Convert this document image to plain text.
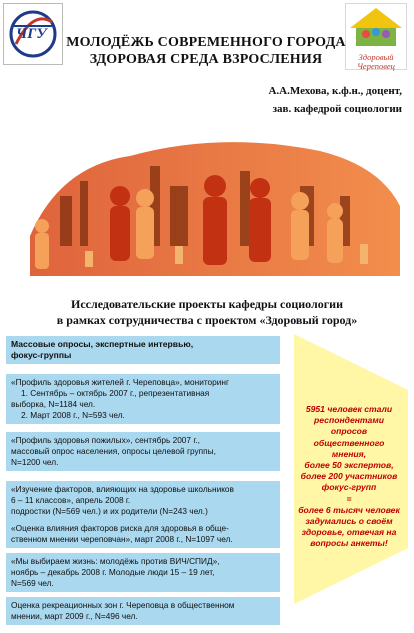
ЧГУ
Здоровый
Череповец
МОЛОДЁЖЬ СОВРЕМЕННОГО ГОРОДА
ЗДОРОВАЯ СРЕДА ВЗРОСЛЕНИЯ
А.А.Мехова, к.ф.н., доцент,
зав. кафедрой социологии
Исследовательские проекты кафедры социологии
в рамках сотрудничества с проектом «Здоровый город»
Массовые опросы, экспертные интервью,
фокус-группы
«Профиль здоровья жителей г. Череповца», мониторинг
1. Сентябрь – октябрь 2007 г., репрезентативная
выборка, N=1184 чел.
2. Март 2008 г., N=593 чел.
«Профиль здоровья пожилых», сентябрь 2007 г.,
массовый опрос населения, опросы целевой группы,
N=1200 чел.
«Изучение факторов, влияющих на здоровье школьников
6 – 11 классов», апрель 2008 г.
подростки (N=569 чел.) и их родители (N=243 чел.)
«Оценка влияния факторов риска для здоровья в обще-
ственном мнении череповчан», март 2008 г., N=1097 чел.
«Мы выбираем жизнь: молодёжь против ВИЧ/СПИД»,
ноябрь – декабрь 2008 г. Молодые люди 15 – 19 лет,
N=569 чел.
Оценка рекреационных зон г. Череповца в общественном
мнении, март 2009 г., N=496 чел.
5951 человек стали
респондентами
опросов
общественного
мнения,
более 50 экспертов,
более 200 участников
фокус-групп
=
более 6 тысяч человек
задумались о своём
здоровье, отвечая на
вопросы анкеты!
